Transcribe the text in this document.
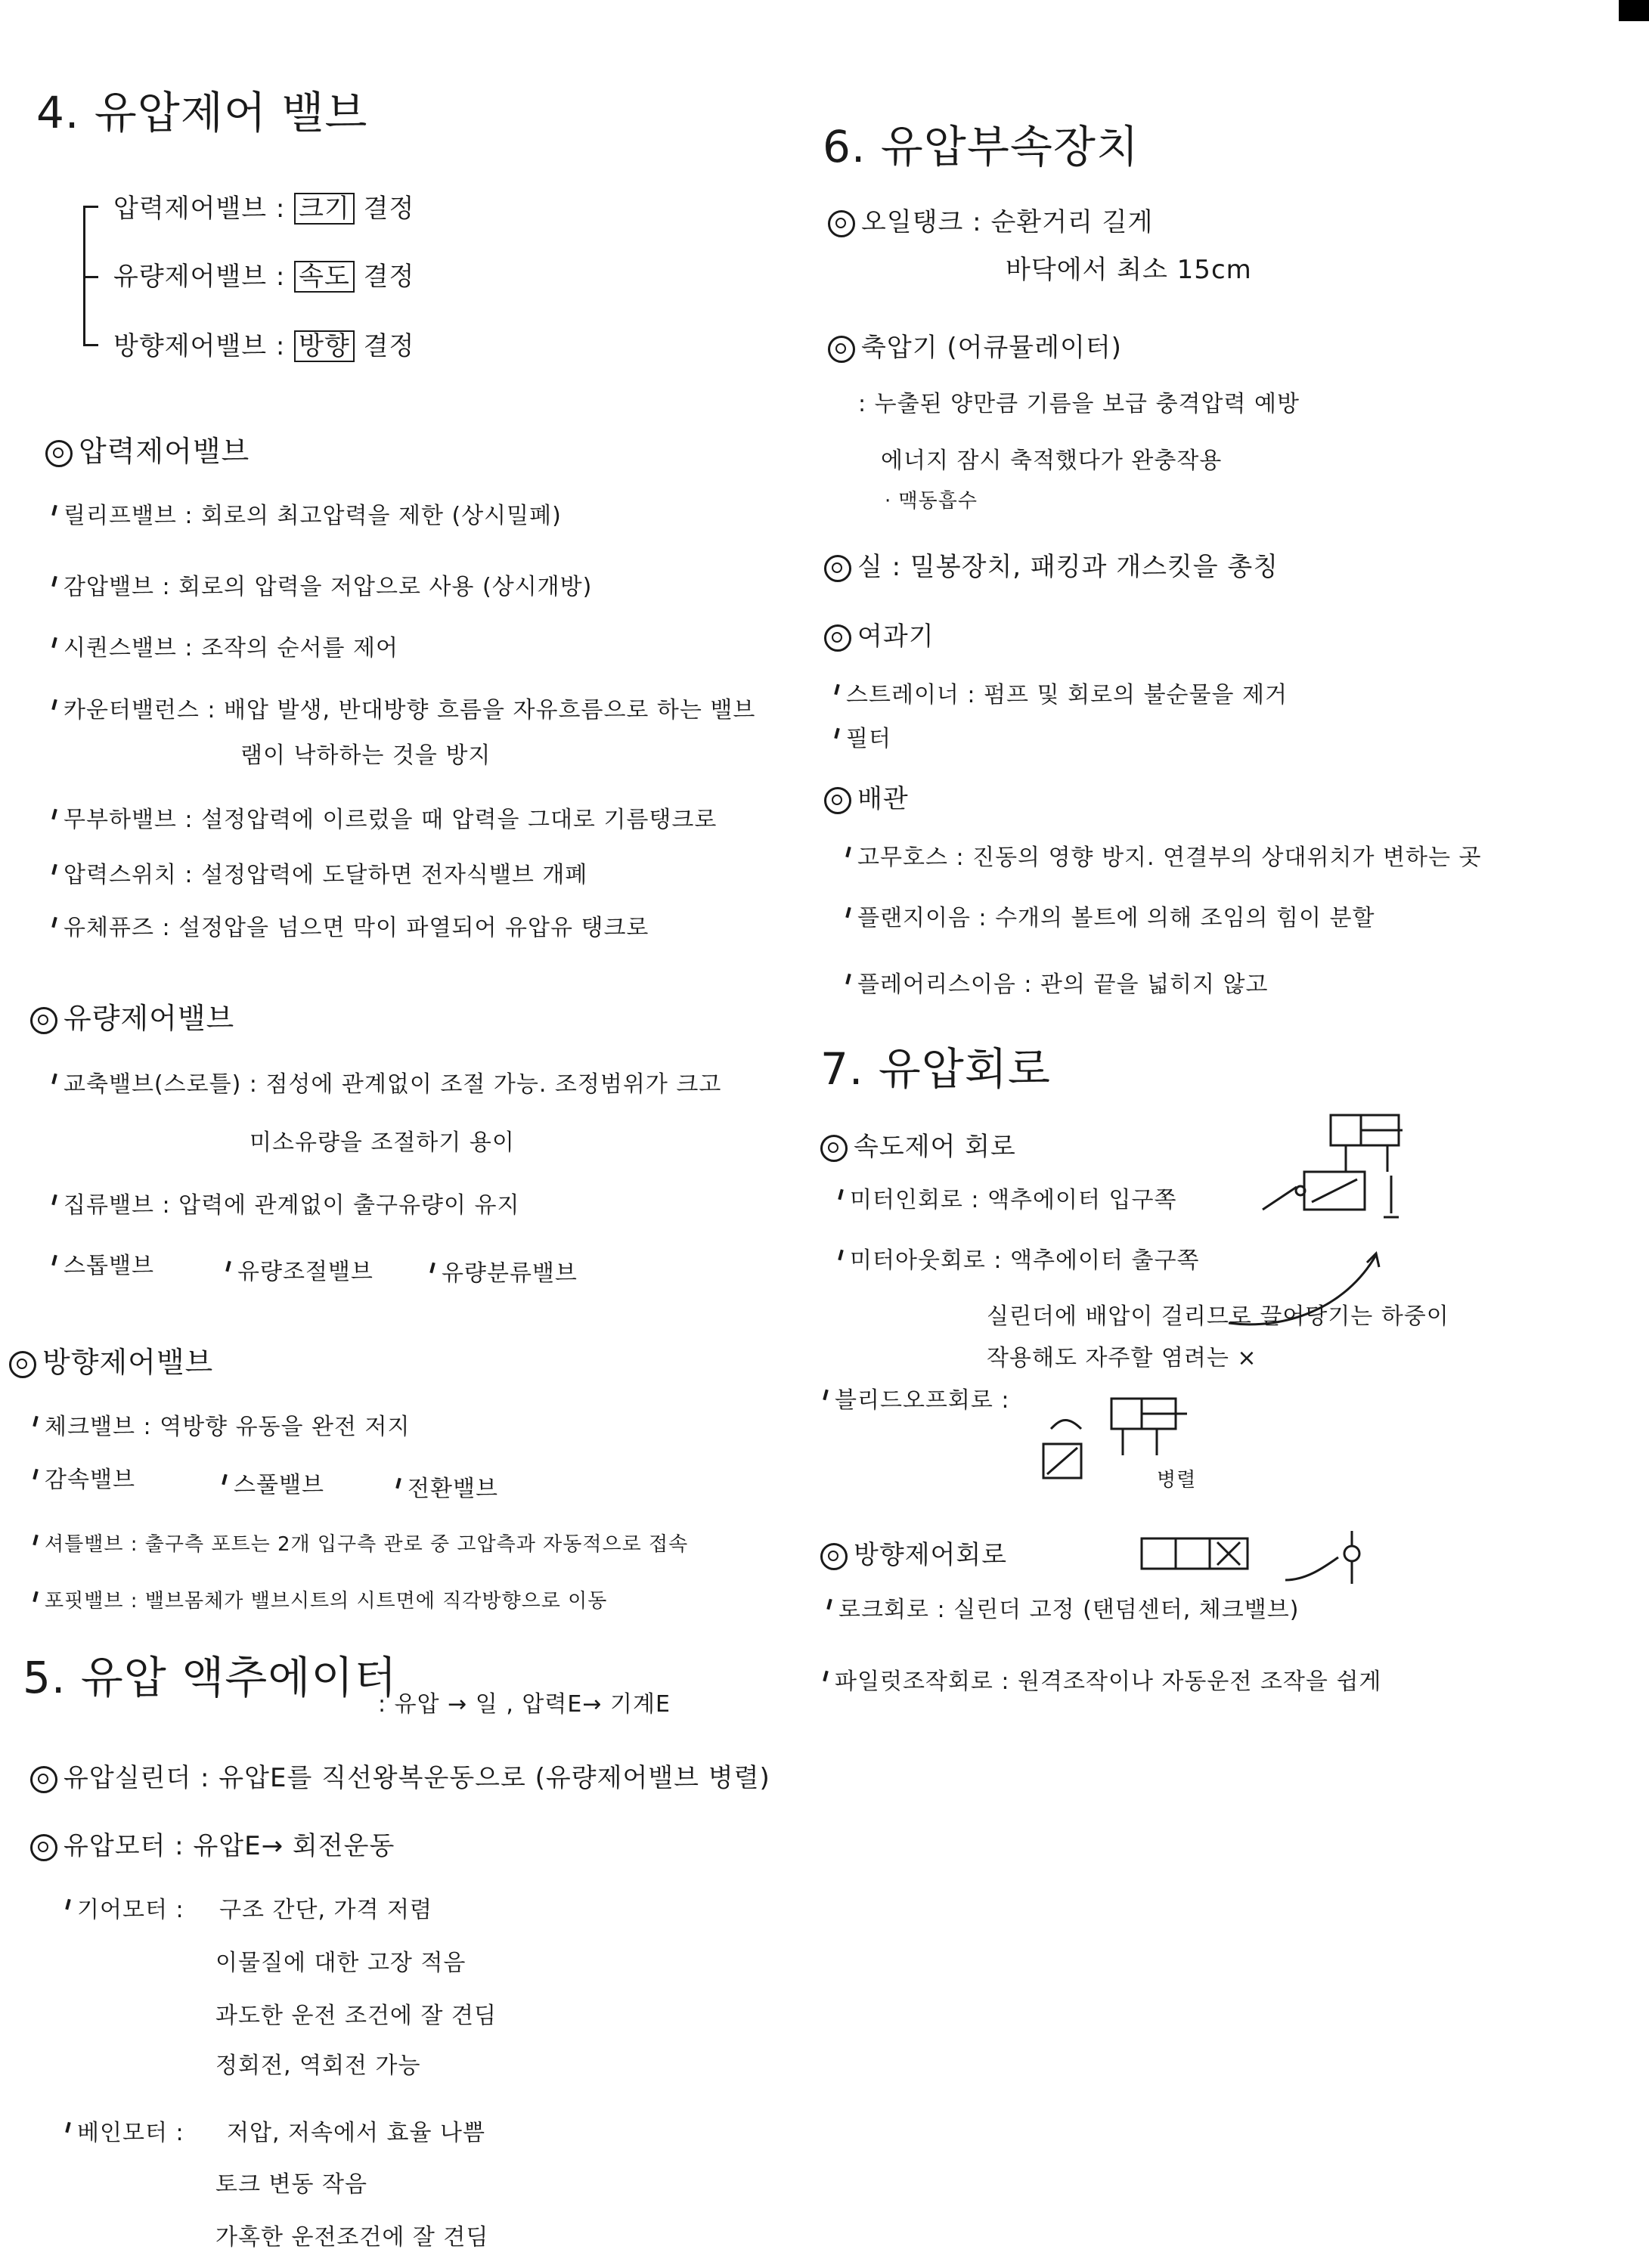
4. 유압제어 밸브
압력제어밸브 : 크기 결정
유량제어밸브 : 속도 결정
방향제어밸브 : 방향 결정
압력제어밸브
릴리프밸브 : 회로의 최고압력을 제한 (상시밀폐)
감압밸브 : 회로의 압력을 저압으로 사용 (상시개방)
시퀀스밸브 : 조작의 순서를 제어
카운터밸런스 : 배압 발생, 반대방향 흐름을 자유흐름으로 하는 밸브
램이 낙하하는 것을 방지
무부하밸브 : 설정압력에 이르렀을 때 압력을 그대로 기름탱크로
압력스위치 : 설정압력에 도달하면 전자식밸브 개폐
유체퓨즈 : 설정압을 넘으면 막이 파열되어 유압유 탱크로
유량제어밸브
교축밸브(스로틀) : 점성에 관계없이 조절 가능. 조정범위가 크고
미소유량을 조절하기 용이
집류밸브 : 압력에 관계없이 출구유량이 유지
스톱밸브	유량조절밸브	유량분류밸브
방향제어밸브
체크밸브 : 역방향 유동을 완전 저지
감속밸브	스풀밸브	전환밸브
셔틀밸브 : 출구측 포트는 2개 입구측 관로 중 고압측과 자동적으로 접속
포핏밸브 : 밸브몸체가 밸브시트의 시트면에 직각방향으로 이동
5. 유압 액추에이터
: 유압 → 일 , 압력E→ 기계E
유압실린더 : 유압E를 직선왕복운동으로 (유량제어밸브 병렬)
유압모터 : 유압E→ 회전운동
기어모터 : 구조 간단, 가격 저렴
이물질에 대한 고장 적음
과도한 운전 조건에 잘 견딤
정회전, 역회전 가능
베인모터 : 저압, 저속에서 효율 나쁨
토크 변동 작음
가혹한 운전조건에 잘 견딤
6. 유압부속장치
오일탱크 : 순환거리 길게
바닥에서 최소 15cm
축압기 (어큐뮬레이터)
: 누출된 양만큼 기름을 보급 충격압력 예방
에너지 잠시 축적했다가 완충작용
· 맥동흡수
실 : 밀봉장치, 패킹과 개스킷을 총칭
여과기
스트레이너 : 펌프 및 회로의 불순물을 제거
필터
배관
고무호스 : 진동의 영향 방지. 연결부의 상대위치가 변하는 곳
플랜지이음 : 수개의 볼트에 의해 조임의 힘이 분할
플레어리스이음 : 관의 끝을 넓히지 않고
7. 유압회로
속도제어 회로
미터인회로 : 액추에이터 입구쪽
미터아웃회로 : 액추에이터 출구쪽
실린더에 배압이 걸리므로 끌어당기는 하중이
작용해도 자주할 염려는 ×
블리드오프회로 :
병렬
방향제어회로
로크회로 : 실린더 고정 (탠덤센터, 체크밸브)
파일럿조작회로 : 원격조작이나 자동운전 조작을 쉽게
